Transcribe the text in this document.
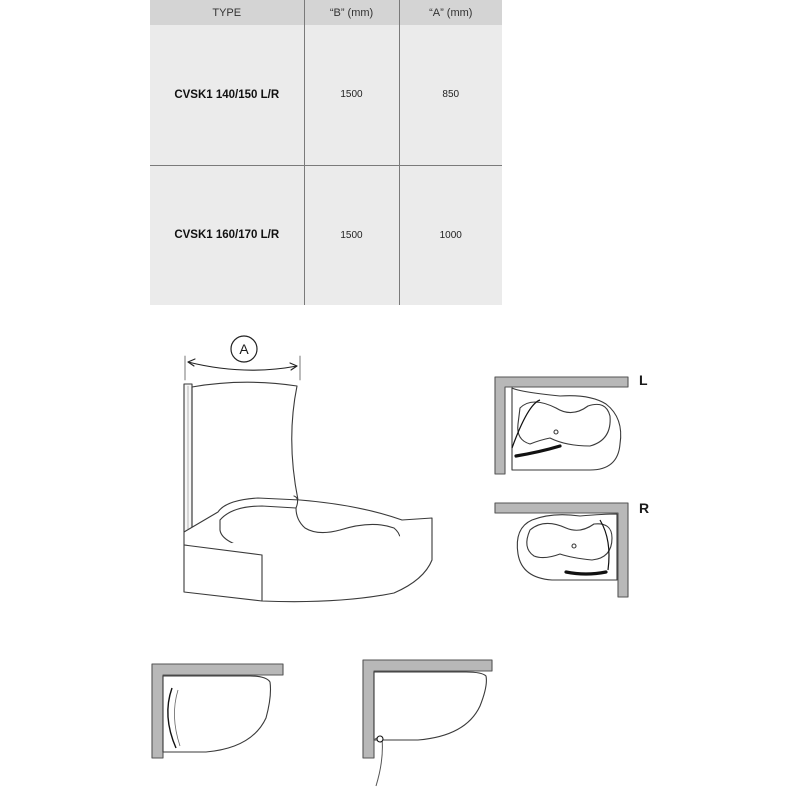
TYPE	“B” (mm)	“A” (mm)
CVSK1 140/150 L/R	1500	850
CVSK1 160/170 L/R	1500	1000
A
L
R
